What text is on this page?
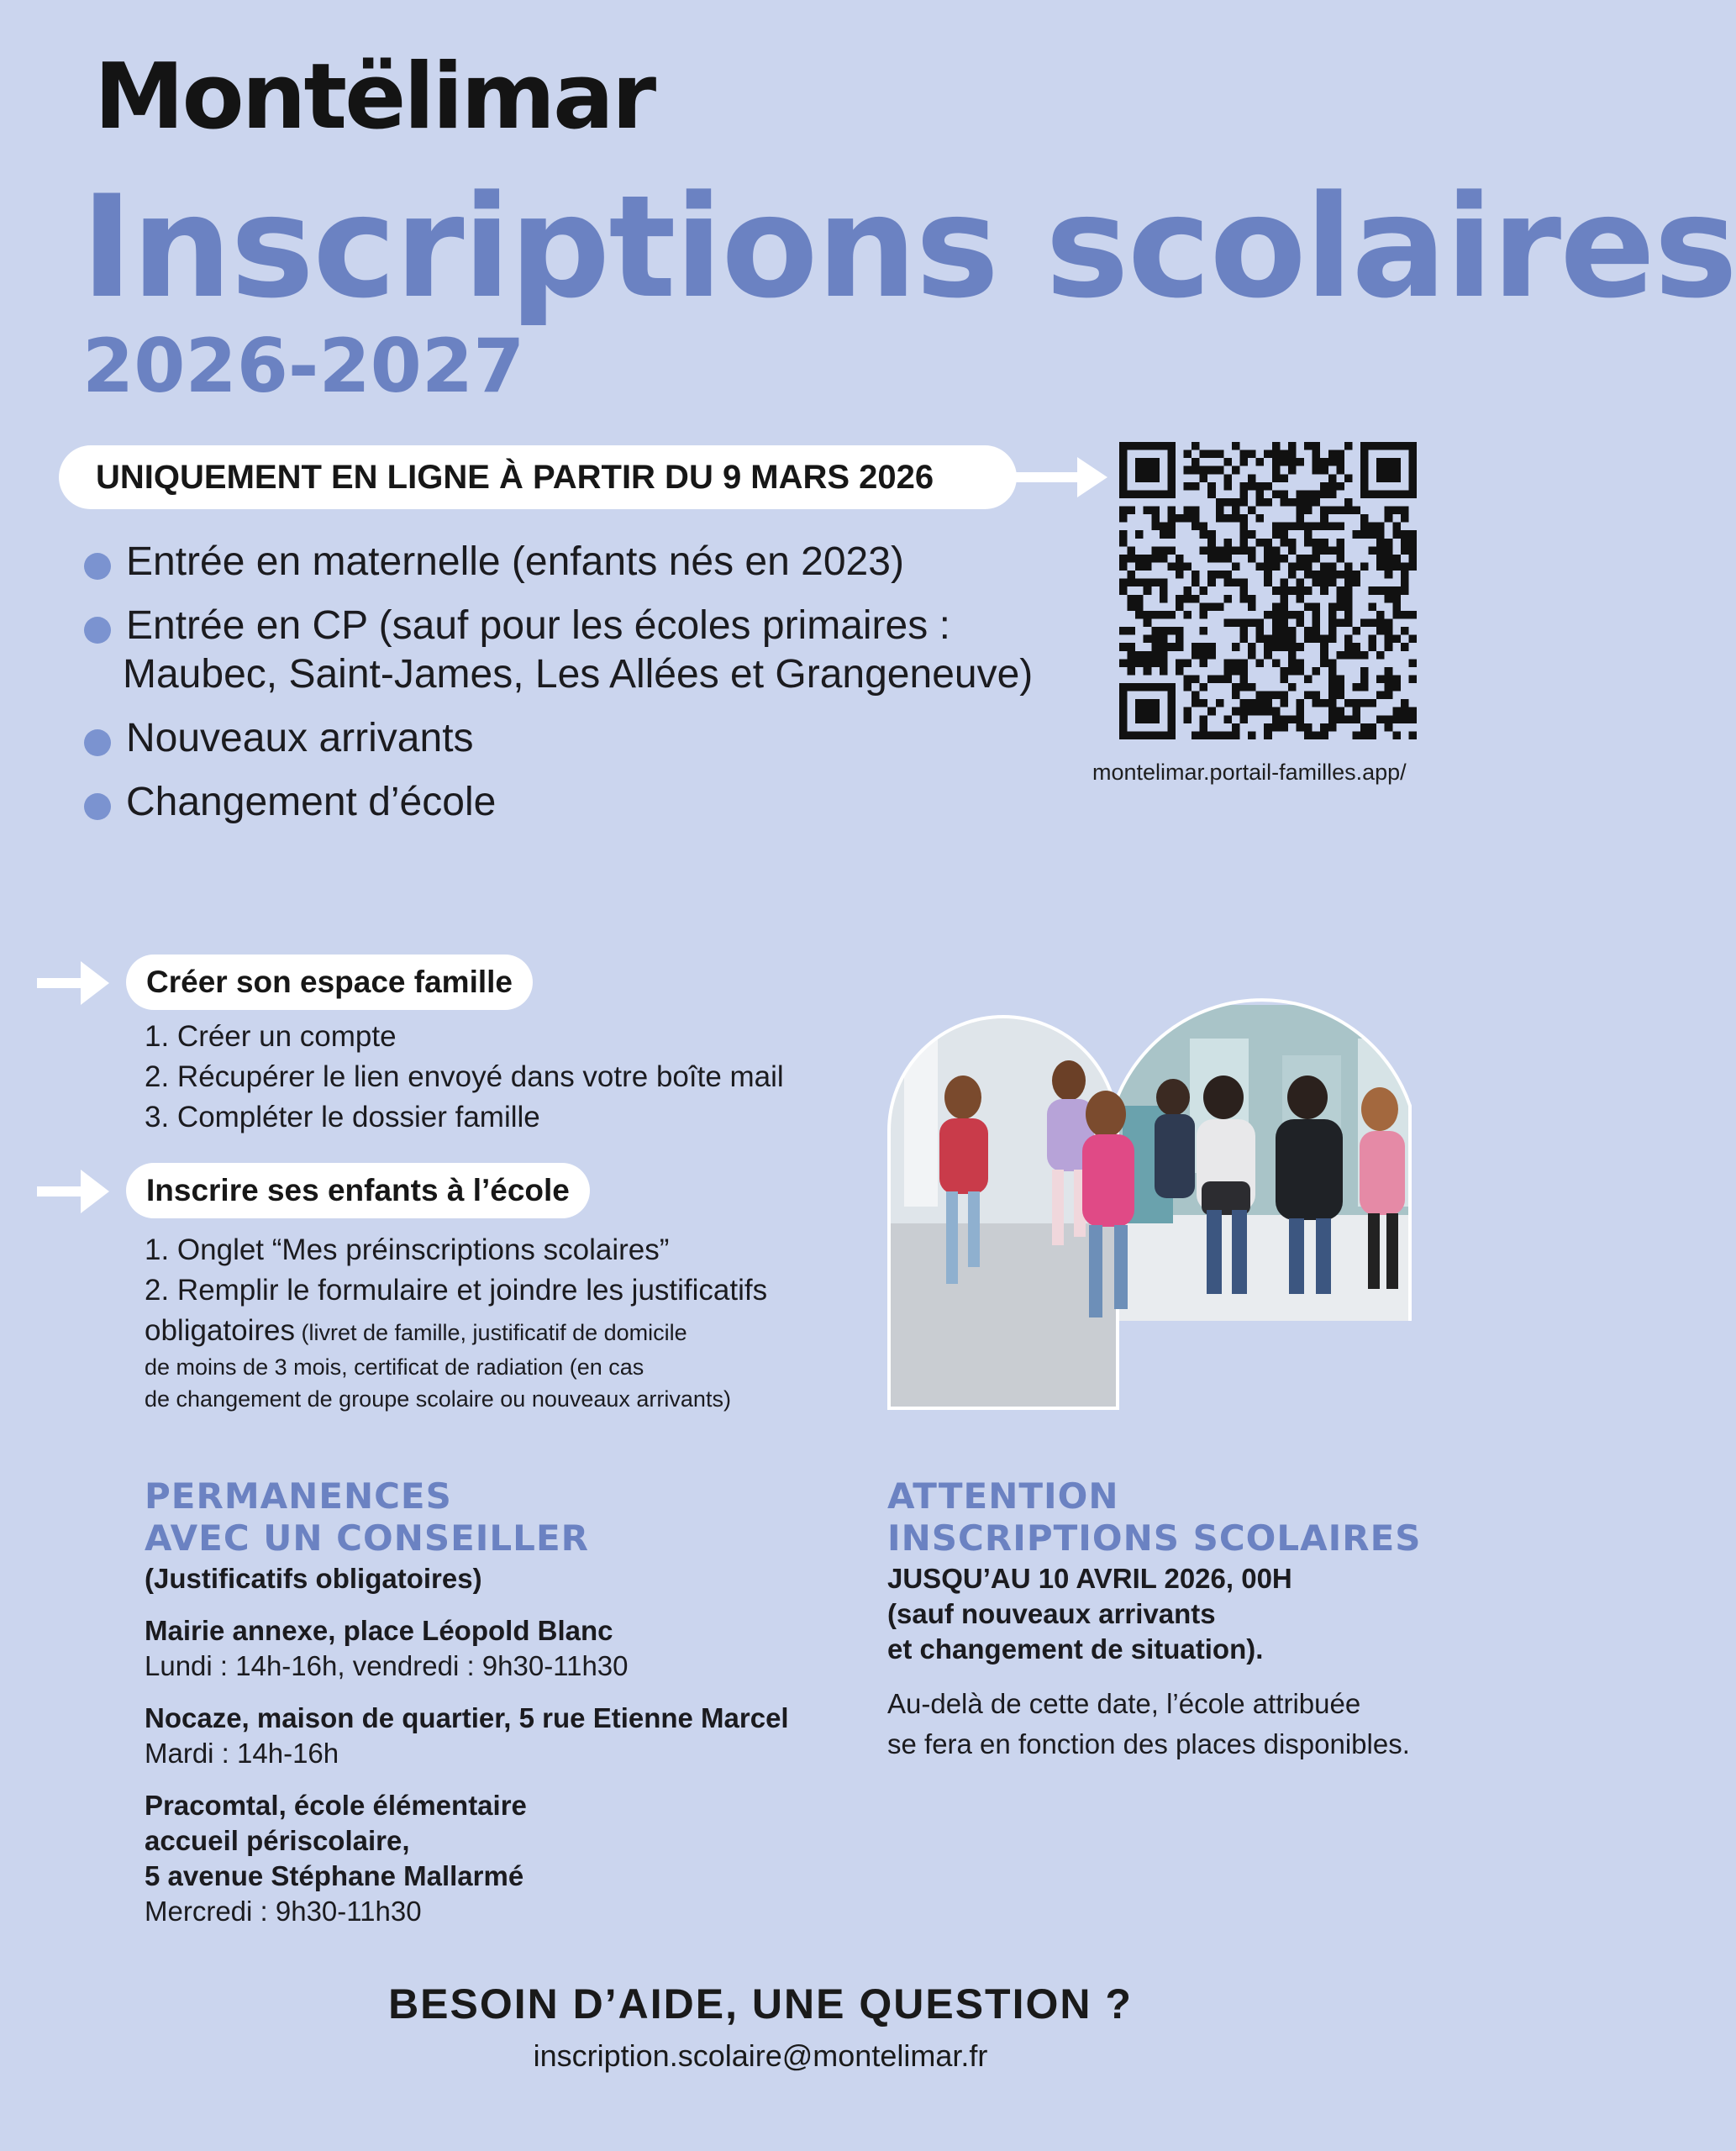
Montëlimar
Inscriptions scolaires
2026-2027
UNIQUEMENT EN LIGNE À PARTIR DU 9 MARS 2026
montelimar.portail-familles.app/
Entrée en maternelle (enfants nés en 2023)
Entrée en CP (sauf pour les écoles primaires :
Maubec, Saint-James, Les Allées et Grangeneuve)
Nouveaux arrivants
Changement d’école
Créer son espace famille
1. Créer un compte
2. Récupérer le lien envoyé dans votre boîte mail
3. Compléter le dossier famille
Inscrire ses enfants à l’école
1. Onglet “Mes préinscriptions scolaires”
2. Remplir le formulaire et joindre les justificatifs
obligatoires (livret de famille, justificatif de domicile
de moins de 3 mois, certificat de radiation (en cas
de changement de groupe scolaire ou nouveaux arrivants)
PERMANENCES
AVEC UN CONSEILLER
(Justificatifs obligatoires)
Mairie annexe, place Léopold Blanc
Lundi : 14h-16h, vendredi : 9h30-11h30
Nocaze, maison de quartier, 5 rue Etienne Marcel
Mardi : 14h-16h
Pracomtal, école élémentaire
accueil périscolaire,
5 avenue Stéphane Mallarmé
Mercredi : 9h30-11h30
ATTENTION
INSCRIPTIONS SCOLAIRES
JUSQU’AU 10 AVRIL 2026, 00H
(sauf nouveaux arrivants
et changement de situation).
Au-delà de cette date, l’école attribuée
se fera en fonction des places disponibles.
BESOIN D’AIDE, UNE QUESTION ?
inscription.scolaire@montelimar.fr
